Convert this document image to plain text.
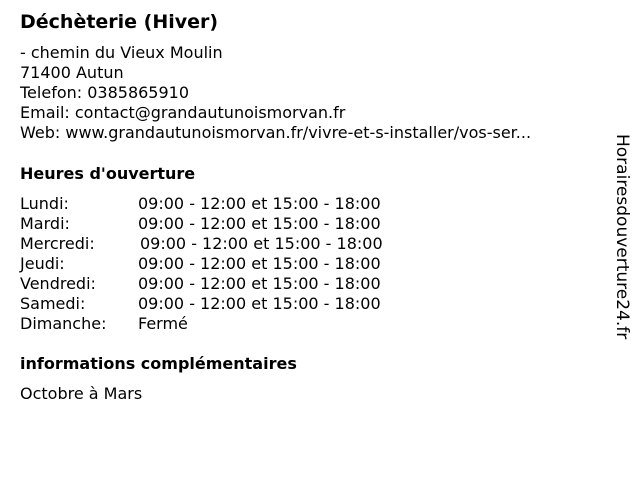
Déchèterie (Hiver)
- chemin du Vieux Moulin
71400 Autun
Telefon: 0385865910
Email: contact@grandautunoismorvan.fr
Web: www.grandautunoismorvan.fr/vivre-et-s-installer/vos-ser...
Heures d'ouverture
Lundi:	09:00 - 12:00 et 15:00 - 18:00
Mardi:	09:00 - 12:00 et 15:00 - 18:00
Mercredi:	09:00 - 12:00 et 15:00 - 18:00
Jeudi:	09:00 - 12:00 et 15:00 - 18:00
Vendredi:	09:00 - 12:00 et 15:00 - 18:00
Samedi:	09:00 - 12:00 et 15:00 - 18:00
Dimanche:	Fermé
informations complémentaires
Octobre à Mars
Horairesdouverture24.fr
